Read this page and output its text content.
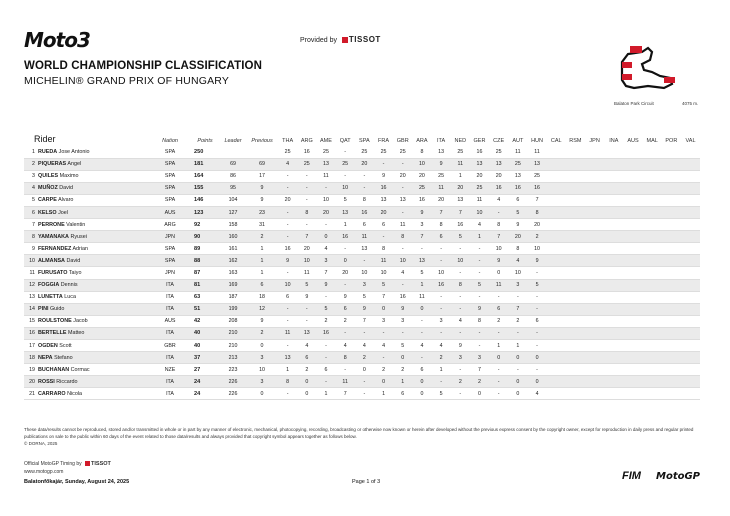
Moto3	Provided by TISSOT
WORLD CHAMPIONSHIP CLASSIFICATION
MICHELIN® GRAND PRIX OF HUNGARY
Balaton Park Circuit	4075 m.
Rider		Nation	Points	Leader	Previous	THA	ARG	AME	QAT	SPA	FRA	GBR	ARA	ITA	NED	GER	CZE	AUT	HUN	CAL	RSM	JPN	INA	AUS	MAL	POR	VAL
1	RUEDA Jose Antonio	SPA	250			25	16	25	-	25	25	25	8	13	25	16	25	11	11								
2	PIQUERAS Angel	SPA	181	69	69	4	25	13	25	20	-	-	10	9	11	13	13	25	13								
3	QUILES Maximo	SPA	164	86	17	-	-	11	-	-	9	20	20	25	1	20	20	13	25								
4	MUÑOZ David	SPA	155	95	9	-	-	-	10	-	16	-	25	11	20	25	16	16	16								
5	CARPE Alvaro	SPA	146	104	9	20	-	10	5	8	13	13	16	20	13	11	4	6	7								
6	KELSO Joel	AUS	123	127	23	-	8	20	13	16	20	-	9	7	7	10	-	5	8								
7	PERRONE Valentin	ARG	92	158	31	-	-	-	1	6	6	11	3	8	16	4	8	9	20								
8	YAMANAKA Ryusei	JPN	90	160	2	-	7	0	16	11	-	8	7	6	5	1	7	20	2								
9	FERNANDEZ Adrian	SPA	89	161	1	16	20	4	-	13	8	-	-	-	-	-	10	8	10								
10	ALMANSA David	SPA	88	162	1	9	10	3	0	-	11	10	13	-	10	-	9	4	9								
11	FURUSATO Taiyo	JPN	87	163	1	-	11	7	20	10	10	4	5	10	-	-	0	10	-								
12	FOGGIA Dennis	ITA	81	169	6	10	5	9	-	3	5	-	1	16	8	5	11	3	5								
13	LUNETTA Luca	ITA	63	187	18	6	9	-	9	5	7	16	11	-	-	-	-	-	-								
14	PINI Guido	ITA	51	199	12	-	-	5	6	9	0	9	0	-	-	9	6	7	-								
15	ROULSTONE Jacob	AUS	42	208	9	-	-	2	2	7	3	3	-	3	4	8	2	2	6								
16	BERTELLE Matteo	ITA	40	210	2	11	13	16	-	-	-	-	-	-	-	-	-	-	-								
17	OGDEN Scott	GBR	40	210	0	-	4	-	4	4	4	5	4	4	9	-	1	1	-								
18	NEPA Stefano	ITA	37	213	3	13	6	-	8	2	-	0	-	2	3	3	0	0	0								
19	BUCHANAN Cormac	NZE	27	223	10	1	2	6	-	0	2	2	6	1	-	7	-	-	-								
20	ROSSI Riccardo	ITA	24	226	3	8	0	-	11	-	0	1	0	-	2	2	-	0	0								
21	CARRARO Nicola	ITA	24	226	0	-	0	1	7	-	1	6	0	5	-	0	-	0	4								
These data/results cannot be reproduced, stored and/or transmitted in whole or in part by any manner of electronic, mechanical, photocopying, recording, broadcasting or otherwise now known or herein after developed without the previous express consent by the copyright owner, except for reproduction in daily press and regular printed publications on sale to the public within 60 days of the event related to those data/results and always provided that copyright symbol appears together as follows below.
© DORNA, 2025
Official MotoGP Timing by TISSOT
www.motogp.com
Balatonfőkajár, Sunday, August 24, 2025	Page 1 of 3	FIM MotoGP
